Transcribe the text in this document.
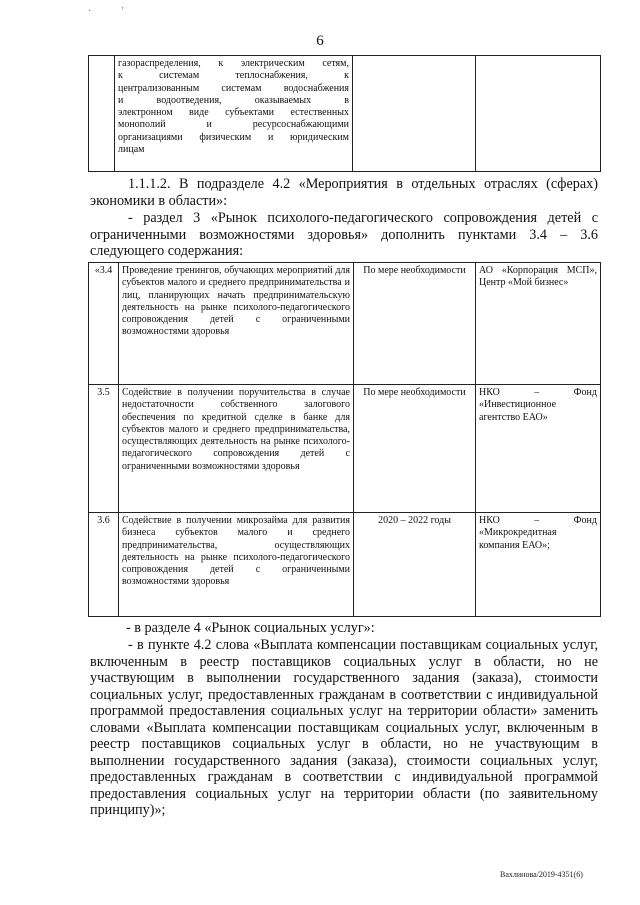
· '
6

газораспределения, к электрическим сетям,
к системам теплоснабжения, к
централизованным системам водоснабжения
и водоотведения, оказываемых в
электронном виде субъектами естественных
монополий и ресурсоснабжающими
организациями физическим и юридическим
лицам

1.1.1.2. В подразделе 4.2 «Мероприятия в отдельных отраслях (сферах) экономики в области»:
- раздел 3 «Рынок психолого-педагогического сопровождения детей с ограниченными возможностями здоровья» дополнить пунктами 3.4 – 3.6 следующего содержания:
«3.4	Проведение тренингов, обучающих мероприятий для субъектов малого и среднего предпринимательства и лиц, планирующих начать предпринимательскую деятельность на рынке психолого-педагогического сопровождения детей с ограниченными возможностями здоровья	По мере необходимости	АО «Корпорация МСП», Центр «Мой бизнес»

3.5	Содействие в получении поручительства в случае недостаточности собственного залогового обеспечения по кредитной сделке в банке для субъектов малого и среднего предпринимательства, осуществляющих деятельность на рынке психолого-педагогического сопровождения детей с ограниченными возможностями здоровья	По мере необходимости	НКО – Фонд «Инвестиционное агентство ЕАО»

3.6	Содействие в получении микрозайма для развития бизнеса субъектов малого и среднего предпринимательства, осуществляющих деятельность на рынке психолого-педагогического сопровождения детей с ограниченными возможностями здоровья	2020 – 2022 годы	НКО – Фонд «Микрокредитная компания ЕАО»;
- в разделе 4 «Рынок социальных услуг»:
- в пункте 4.2 слова «Выплата компенсации поставщикам социальных услуг, включенным в реестр поставщиков социальных услуг в области, но не участвующим в выполнении государственного задания (заказа), стоимости социальных услуг, предоставленных гражданам в соответствии с индивидуальной программой предоставления социальных услуг на территории области» заменить словами «Выплата компенсации поставщикам социальных услуг, включенным в реестр поставщиков социальных услуг в области, но не участвующим в выполнении государственного задания (заказа), стоимости социальных услуг, предоставленных гражданам в соответствии с индивидуальной программой предоставления социальных услуг на территории области (по заявительному принципу)»;
Вахлинова/2019-4351(6)
